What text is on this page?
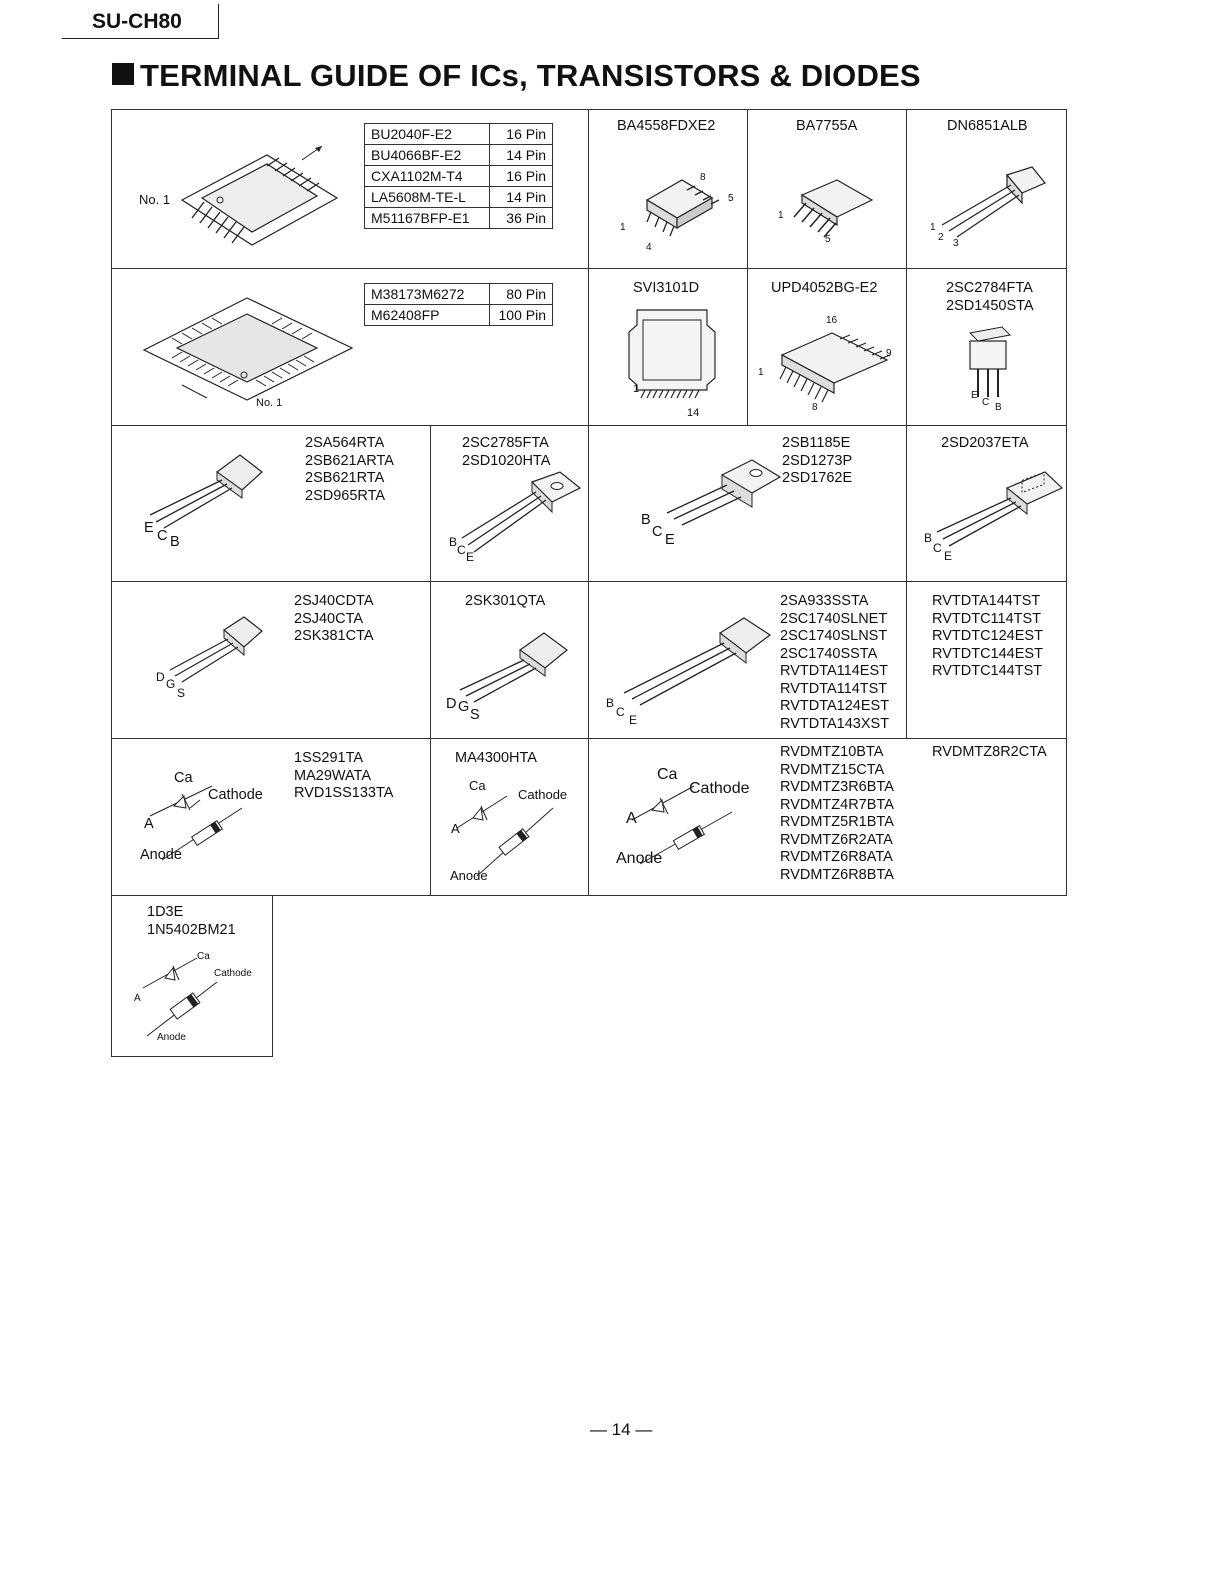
SU-CH80
TERMINAL GUIDE OF ICs, TRANSISTORS & DIODES
BU2040F-E2	16 Pin
BU4066BF-E2	14 Pin
CXA1102M-T4	16 Pin
LA5608M-TE-L	14 Pin
M51167BFP-E1	36 Pin
No. 1
BA4558FDXE2
1
4
5
8
BA7755A
1
5
DN6851ALB
1
2
3
M38173M6272	80 Pin
M62408FP	100 Pin
No. 1
SVI3101D
1
14
UPD4052BG-E2
1
8
9
16
2SC2784FTA
2SD1450STA
E
C B
2SA564RTA
2SB621ARTA
2SB621RTA
2SD965RTA
E C B
2SC2785FTA
2SD1020HTA
B
C E
2SB1185E
2SD1273P
2SD1762E
B
C E
2SD2037ETA
B
C
E
2SJ40CDTA
2SJ40CTA
2SK381CTA
D G
S
2SK301QTA
D G S
2SA933SSTA
2SC1740SLNET
2SC1740SLNST
2SC1740SSTA
RVTDTA114EST
RVTDTA114TST
RVTDTA124EST
RVTDTA143XST
B
C
E
RVTDTA144TST
RVTDTC114TST
RVTDTC124EST
RVTDTC144EST
RVTDTC144TST
1SS291TA
MA29WATA
RVD1SS133TA
Ca
Cathode
A
Anode
MA4300HTA
Ca
Cathode
A
Anode
RVDMTZ10BTA
RVDMTZ15CTA
RVDMTZ3R6BTA
RVDMTZ4R7BTA
RVDMTZ5R1BTA
RVDMTZ6R2ATA
RVDMTZ6R8ATA
RVDMTZ6R8BTA
Ca
Cathode
A
Anode
RVDMTZ8R2CTA
1D3E
1N5402BM21
Ca
Cathode
A
Anode
— 14 —
